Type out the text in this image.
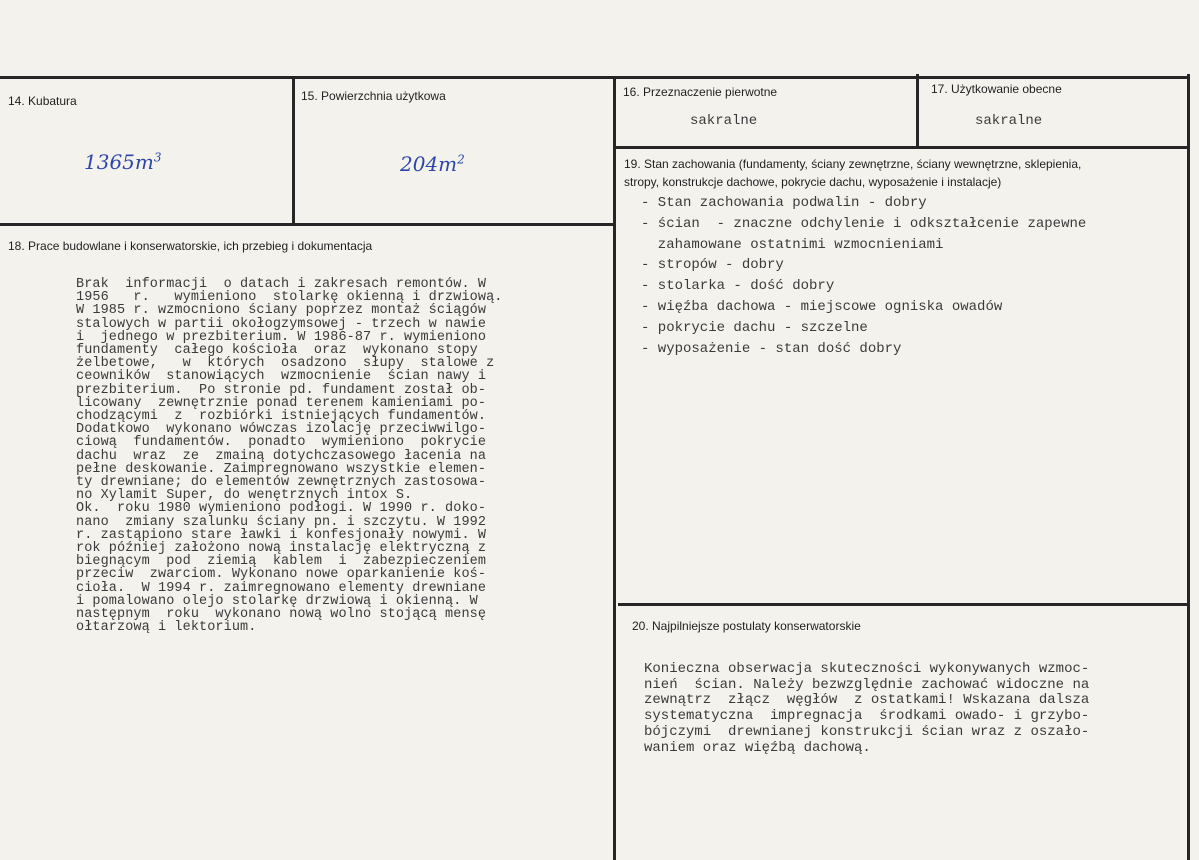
14. Kubatura
$1365m^3$
15. Powierzchnia użytkowa
$204m^2$
16. Przeznaczenie pierwotne
sakralne
17. Użytkowanie obecne
sakralne
18. Prace budowlane i konserwatorskie, ich przebieg i dokumentacja
Brak  informacji  o datach i zakresach remontów. W
1956   r.   wymieniono  stolarkę okienną i drzwiową.
W 1985 r. wzmocniono ściany poprzez montaż ściągów
stalowych w partii okołogzymsowej - trzech w nawie
i  jednego w prezbiterium. W 1986-87 r. wymieniono
fundamenty  całego kościoła  oraz  wykonano stopy
żelbetowe,   w  których  osadzono  słupy  stalowe z
ceowników  stanowiących  wzmocnienie  ścian nawy i
prezbiterium.  Po stronie pd. fundament został ob-
licowany  zewnętrznie ponad terenem kamieniami po-
chodzącymi  z  rozbiórki istniejących fundamentów.
Dodatkowo  wykonano wówczas izolację przeciwwilgo-
ciową  fundamentów.  ponadto  wymieniono  pokrycie
dachu  wraz  ze  zmainą dotychczasowego łacenia na
pełne deskowanie. Zaimpregnowano wszystkie elemen-
ty drewniane; do elementów zewnętrznych zastosowa-
no Xylamit Super, do wenętrznych intox S.
Ok.  roku 1980 wymieniono podłogi. W 1990 r. doko-
nano  zmiany szalunku ściany pn. i szczytu. W 1992
r. zastąpiono stare ławki i konfesjonały nowymi. W
rok później założono nową instalację elektryczną z
biegnącym  pod  ziemią  kablem  i  zabezpieczeniem
przeciw  zwarciom. Wykonano nowe oparkanienie koś-
cioła.  W 1994 r. zaimregnowano elementy drewniane
i pomalowano olejo stolarkę drzwiową i okienną. W
następnym  roku  wykonano nową wolno stojącą mensę
ołtarzową i lektorium.
19. Stan zachowania (fundamenty, ściany zewnętrzne, ściany wewnętrzne, sklepienia,
stropy, konstrukcje dachowe, pokrycie dachu, wyposażenie i instalacje)
- Stan zachowania podwalin - dobry
- ścian  - znaczne odchylenie i odkształcenie zapewne
zahamowane ostatnimi wzmocnieniami
- stropów - dobry
- stolarka - dość dobry
- więźba dachowa - miejscowe ogniska owadów
- pokrycie dachu - szczelne
- wyposażenie - stan dość dobry
20. Najpilniejsze postulaty konserwatorskie
Konieczna obserwacja skuteczności wykonywanych wzmoc-
nień  ścian. Należy bezwzględnie zachować widoczne na
zewnątrz  złącz  węgłów  z ostatkami! Wskazana dalsza
systematyczna  impregnacja  środkami owado- i grzybo-
bójczymi  drewnianej konstrukcji ścian wraz z oszało-
waniem oraz więźbą dachową.
